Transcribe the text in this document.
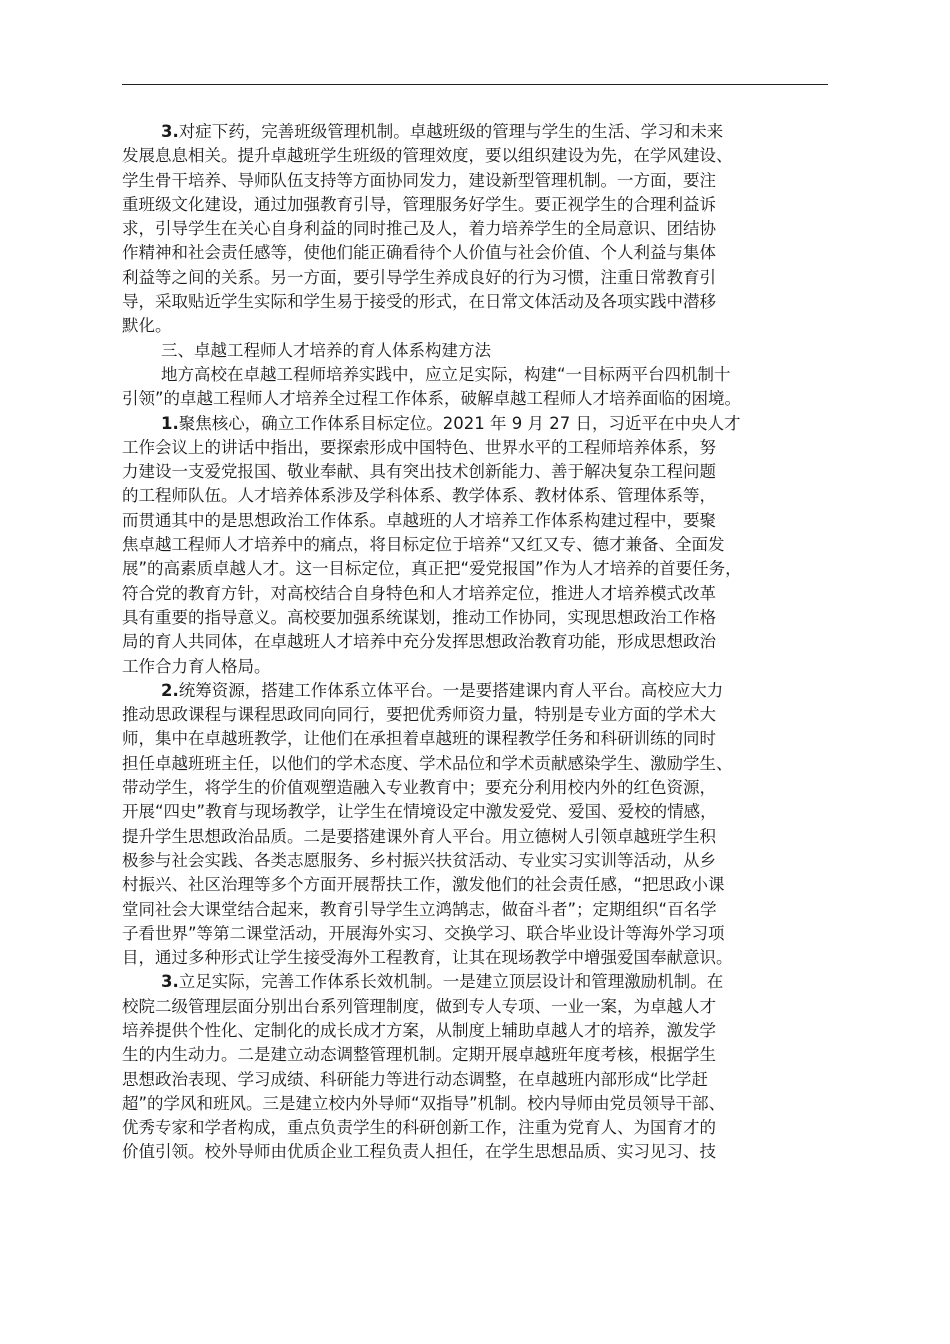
3.对症下药，完善班级管理机制。卓越班级的管理与学生的生活、学习和未来
发展息息相关。提升卓越班学生班级的管理效度，要以组织建设为先，在学风建设、
学生骨干培养、导师队伍支持等方面协同发力，建设新型管理机制。一方面，要注
重班级文化建设，通过加强教育引导，管理服务好学生。要正视学生的合理利益诉
求，引导学生在关心自身利益的同时推己及人，着力培养学生的全局意识、团结协
作精神和社会责任感等，使他们能正确看待个人价值与社会价值、个人利益与集体
利益等之间的关系。另一方面，要引导学生养成良好的行为习惯，注重日常教育引
导，采取贴近学生实际和学生易于接受的形式，在日常文体活动及各项实践中潜移
默化。
三、卓越工程师人才培养的育人体系构建方法
地方高校在卓越工程师培养实践中，应立足实际，构建“一目标两平台四机制十
引领”的卓越工程师人才培养全过程工作体系，破解卓越工程师人才培养面临的困境。
1.聚焦核心，确立工作体系目标定位。2021 年 9 月 27 日，习近平在中央人才
工作会议上的讲话中指出，要探索形成中国特色、世界水平的工程师培养体系，努
力建设一支爱党报国、敬业奉献、具有突出技术创新能力、善于解决复杂工程问题
的工程师队伍。人才培养体系涉及学科体系、教学体系、教材体系、管理体系等，
而贯通其中的是思想政治工作体系。卓越班的人才培养工作体系构建过程中，要聚
焦卓越工程师人才培养中的痛点，将目标定位于培养“又红又专、德才兼备、全面发
展”的高素质卓越人才。这一目标定位，真正把“爱党报国”作为人才培养的首要任务，
符合党的教育方针，对高校结合自身特色和人才培养定位，推进人才培养模式改革
具有重要的指导意义。高校要加强系统谋划，推动工作协同，实现思想政治工作格
局的育人共同体，在卓越班人才培养中充分发挥思想政治教育功能，形成思想政治
工作合力育人格局。
2.统筹资源，搭建工作体系立体平台。一是要搭建课内育人平台。高校应大力
推动思政课程与课程思政同向同行，要把优秀师资力量，特别是专业方面的学术大
师，集中在卓越班教学，让他们在承担着卓越班的课程教学任务和科研训练的同时
担任卓越班班主任，以他们的学术态度、学术品位和学术贡献感染学生、激励学生、
带动学生，将学生的价值观塑造融入专业教育中；要充分利用校内外的红色资源，
开展“四史”教育与现场教学，让学生在情境设定中激发爱党、爱国、爱校的情感，
提升学生思想政治品质。二是要搭建课外育人平台。用立德树人引领卓越班学生积
极参与社会实践、各类志愿服务、乡村振兴扶贫活动、专业实习实训等活动，从乡
村振兴、社区治理等多个方面开展帮扶工作，激发他们的社会责任感，“把思政小课
堂同社会大课堂结合起来，教育引导学生立鸿鹄志，做奋斗者”；定期组织“百名学
子看世界”等第二课堂活动，开展海外实习、交换学习、联合毕业设计等海外学习项
目，通过多种形式让学生接受海外工程教育，让其在现场教学中增强爱国奉献意识。
3.立足实际，完善工作体系长效机制。一是建立顶层设计和管理激励机制。在
校院二级管理层面分别出台系列管理制度，做到专人专项、一业一案，为卓越人才
培养提供个性化、定制化的成长成才方案，从制度上辅助卓越人才的培养，激发学
生的内生动力。二是建立动态调整管理机制。定期开展卓越班年度考核，根据学生
思想政治表现、学习成绩、科研能力等进行动态调整，在卓越班内部形成“比学赶
超”的学风和班风。三是建立校内外导师“双指导”机制。校内导师由党员领导干部、
优秀专家和学者构成，重点负责学生的科研创新工作，注重为党育人、为国育才的
价值引领。校外导师由优质企业工程负责人担任，在学生思想品质、实习见习、技
